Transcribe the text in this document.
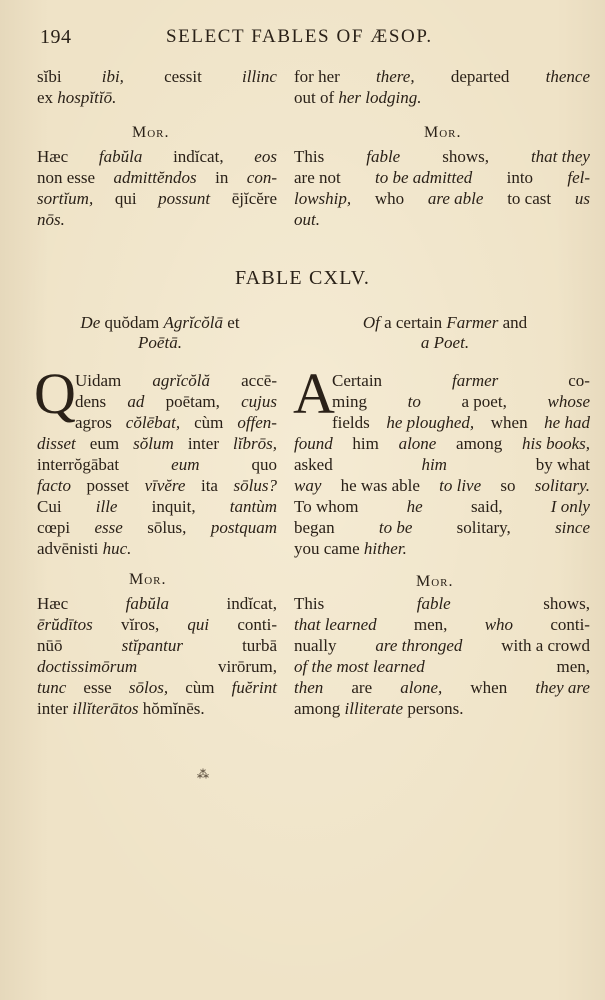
194	SELECT FABLES OF ÆSOP.
sĭbi ibi, cessit illinc
ex hospĭtĭō.
for her there, departed thence
out of her lodging.
Mor.	Mor.
Hæc fabŭla indĭcat, eos
non esse admittĕndos in con-
sortĭum, qui possunt ējĭcĕre
nōs.
This fable shows, that they
are not to be admitted into fel-
lowship, who are able to cast us
out.
FABLE CXLV.
De quŏdam Agrĭcŏlā et
Poētā.
Of a certain Farmer and
a Poet.
Q	A
Uidam agrĭcŏlă accē-
dens ad poētam, cujus
agros cŏlēbat, cùm offen-
disset eum sŏlum inter lĭbrōs,
interrŏgābat	eum	quo
facto posset vīvĕre ita sōlus?
Cui ille inquit, tantùm
cœpi esse sōlus, postquam
advēnisti huc.
Certain	farmer	co-
ming to a poet, whose
fields he ploughed, when he had
found him alone among his books,
asked	him	by what
way he was able to live so solitary.
To whom	he	said,	I only
began to be solitary, since
you came hither.
Mor.	Mor.
Hæc	fabŭla	indĭcat,
ērŭdītos vĭros, qui conti-
nūō	stĭpantur	turbā
doctissimōrum	virōrum,
tunc esse sōlos, cùm fuĕrint
inter illĭterātos hŏmĭnēs.
This	fable	shows,
that learned men, who conti-
nually are thronged with a crowd
of the most learned	men,
then are alone, when they are
among illiterate persons.
⁂
